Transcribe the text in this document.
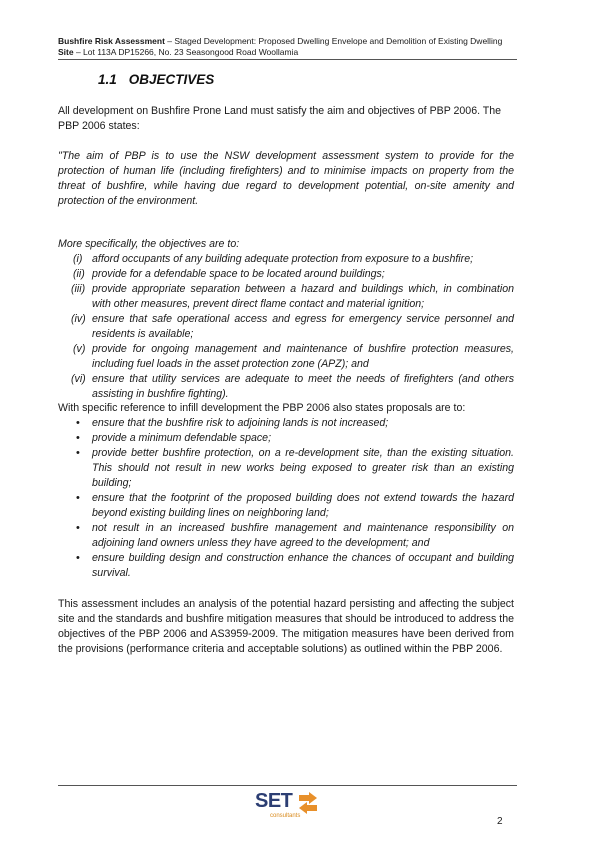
Bushfire Risk Assessment – Staged Development: Proposed Dwelling Envelope and Demolition of Existing Dwelling
Site – Lot 113A DP15266, No. 23 Seasongood Road Woollamia
1.1 OBJECTIVES
All development on Bushfire Prone Land must satisfy the aim and objectives of PBP 2006. The PBP 2006 states:
"The aim of PBP is to use the NSW development assessment system to provide for the protection of human life (including firefighters) and to minimise impacts on property from the threat of bushfire, while having due regard to development potential, on-site amenity and protection of the environment.
More specifically, the objectives are to:
(i) afford occupants of any building adequate protection from exposure to a bushfire;
(ii) provide for a defendable space to be located around buildings;
(iii) provide appropriate separation between a hazard and buildings which, in combination with other measures, prevent direct flame contact and material ignition;
(iv) ensure that safe operational access and egress for emergency service personnel and residents is available;
(v) provide for ongoing management and maintenance of bushfire protection measures, including fuel loads in the asset protection zone (APZ); and
(vi) ensure that utility services are adequate to meet the needs of firefighters (and others assisting in bushfire fighting).
With specific reference to infill development the PBP 2006 also states proposals are to:
• ensure that the bushfire risk to adjoining lands is not increased;
• provide a minimum defendable space;
• provide better bushfire protection, on a re-development site, than the existing situation. This should not result in new works being exposed to greater risk than an existing building;
• ensure that the footprint of the proposed building does not extend towards the hazard beyond existing building lines on neighboring land;
• not result in an increased bushfire management and maintenance responsibility on adjoining land owners unless they have agreed to the development; and
• ensure building design and construction enhance the chances of occupant and building survival.
This assessment includes an analysis of the potential hazard persisting and affecting the subject site and the standards and bushfire mitigation measures that should be introduced to address the objectives of the PBP 2006 and AS3959-2009. The mitigation measures have been derived from the provisions (performance criteria and acceptable solutions) as outlined within the PBP 2006.
SET
consultants	2
